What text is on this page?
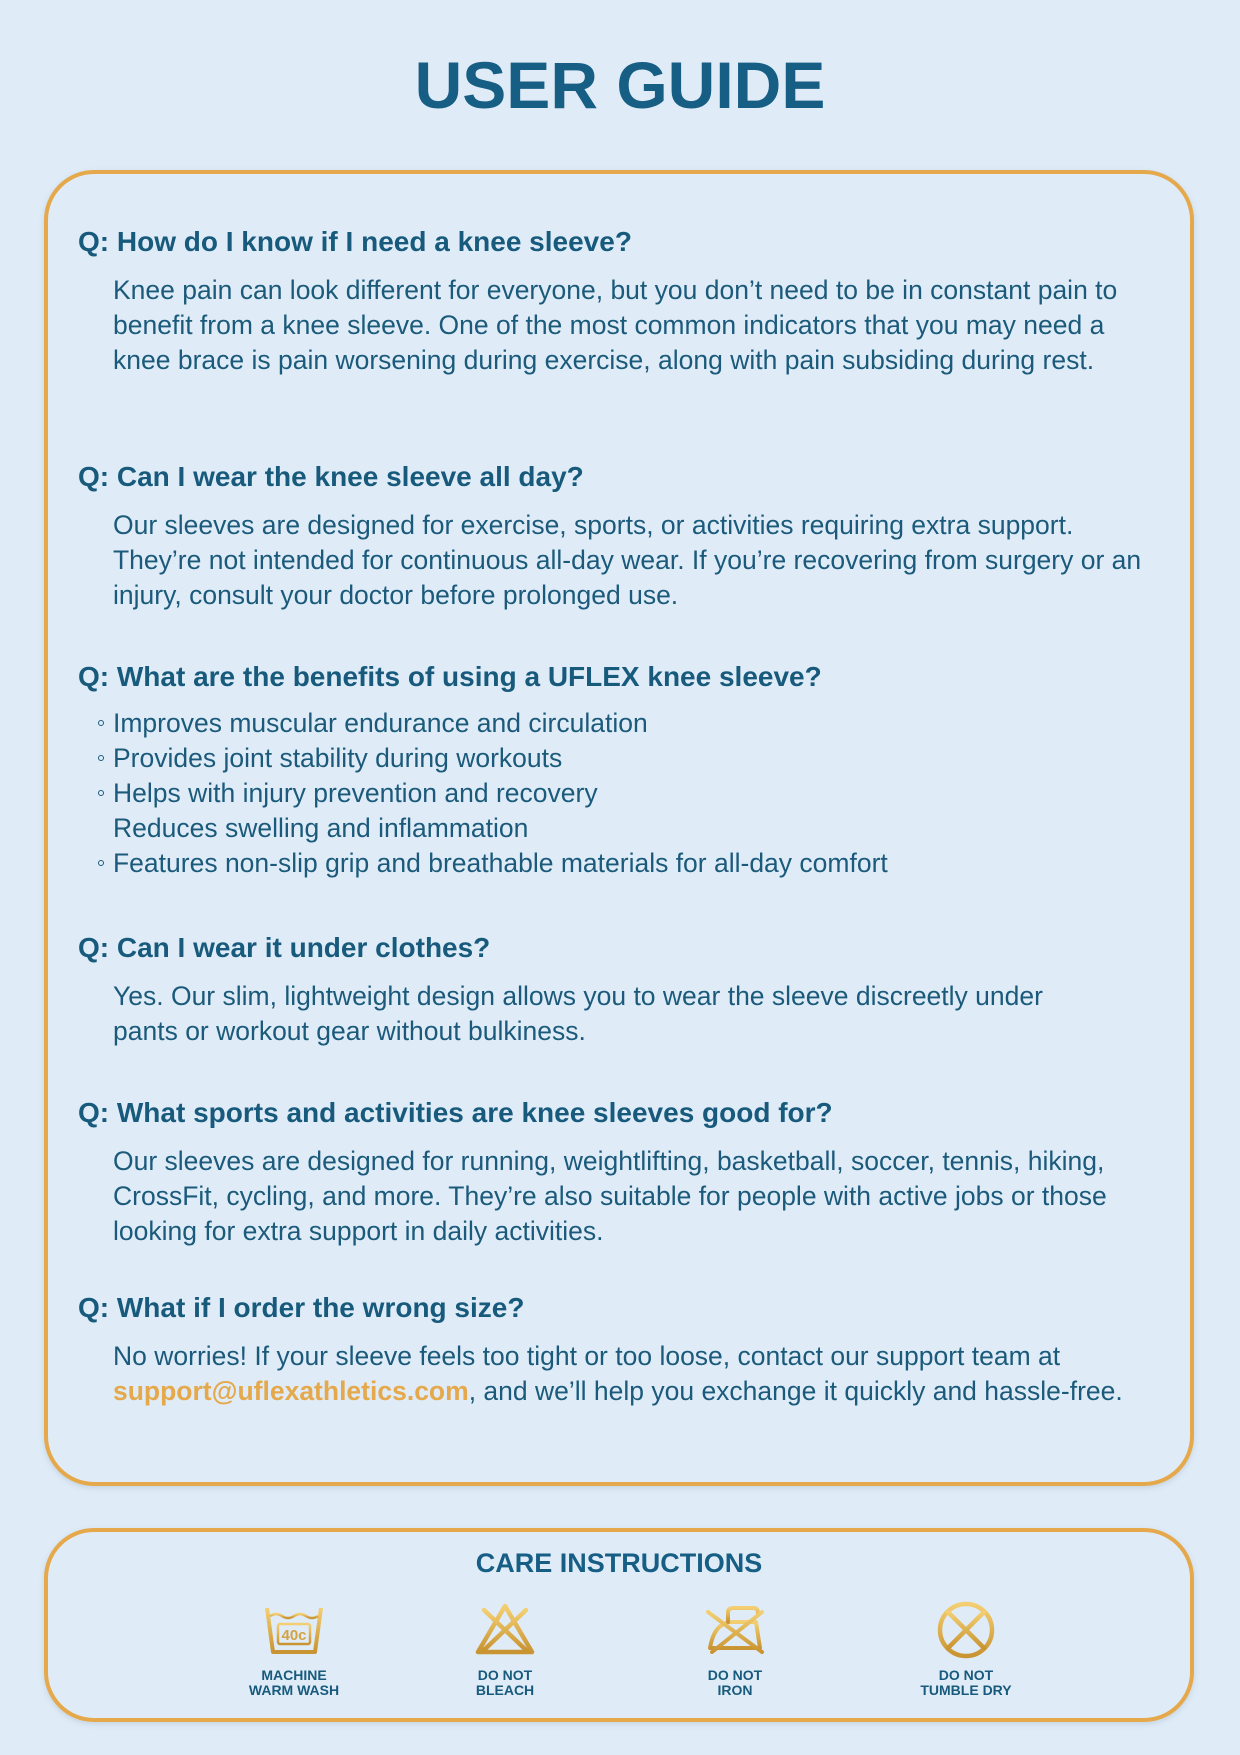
USER GUIDE
Q: How do I know if I need a knee sleeve?

Knee pain can look different for everyone, but you don’t need to be in constant pain to benefit from a knee sleeve. One of the most common indicators that you may need a knee brace is pain worsening during exercise, along with pain subsiding during rest.

Q: Can I wear the knee sleeve all day?

Our sleeves are designed for exercise, sports, or activities requiring extra support. They’re not intended for continuous all-day wear. If you’re recovering from surgery or an injury, consult your doctor before prolonged use.

Q: What are the benefits of using a UFLEX knee sleeve?
Improves muscular endurance and circulation
Provides joint stability during workouts
Helps with injury prevention and recovery
Reduces swelling and inflammation
Features non-slip grip and breathable materials for all-day comfort
Q: Can I wear it under clothes?

Yes. Our slim, lightweight design allows you to wear the sleeve discreetly under pants or workout gear without bulkiness.

Q: What sports and activities are knee sleeves good for?

Our sleeves are designed for running, weightlifting, basketball, soccer, tennis, hiking, CrossFit, cycling, and more. They’re also suitable for people with active jobs or those looking for extra support in daily activities.

Q: What if I order the wrong size?

No worries! If your sleeve feels too tight or too loose, contact our support team at support@uflexathletics.com, and we’ll help you exchange it quickly and hassle-free.

CARE INSTRUCTIONS
40c
MACHINE
WARM WASH
DO NOT
BLEACH
DO NOT
IRON
DO NOT
TUMBLE DRY
